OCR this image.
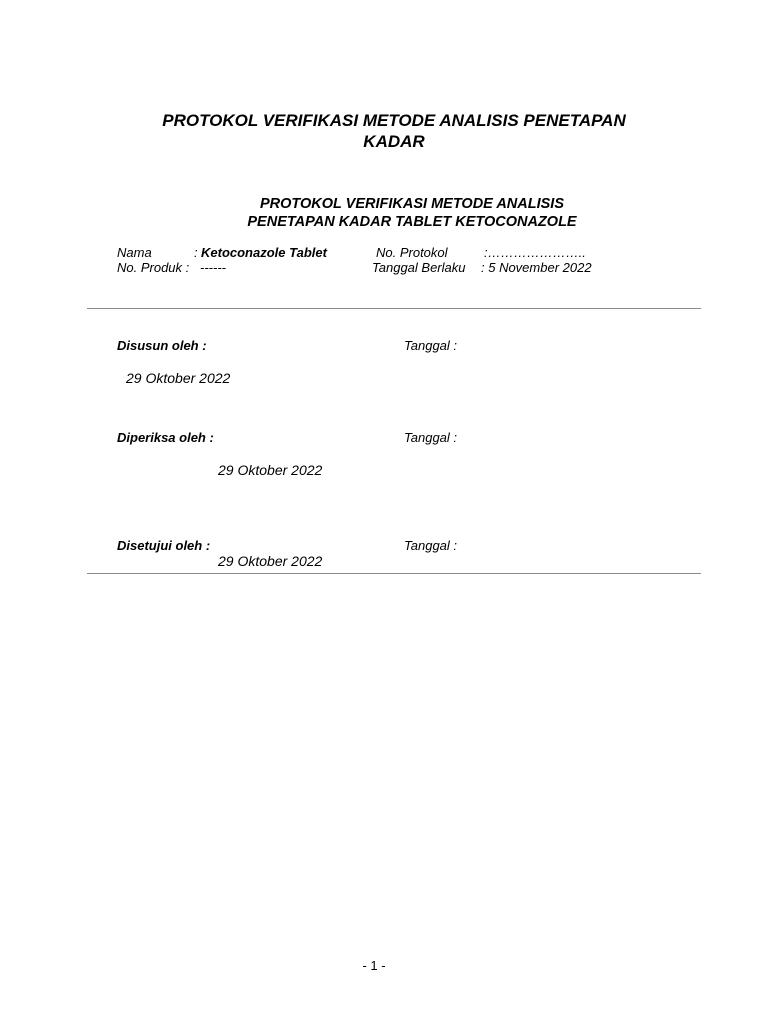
PROTOKOL VERIFIKASI METODE ANALISIS PENETAPAN
KADAR
PROTOKOL VERIFIKASI METODE ANALISIS
PENETAPAN KADAR TABLET KETOCONAZOLE
Nama	: Ketoconazole Tablet	No. Protokol	:…………………..
No. Produk : ------	Tanggal Berlaku : 5 November 2022
Disusun oleh :	Tanggal :
29 Oktober 2022
Diperiksa oleh :	Tanggal :
29 Oktober 2022
Disetujui oleh :	Tanggal :
29 Oktober 2022
- 1 -
